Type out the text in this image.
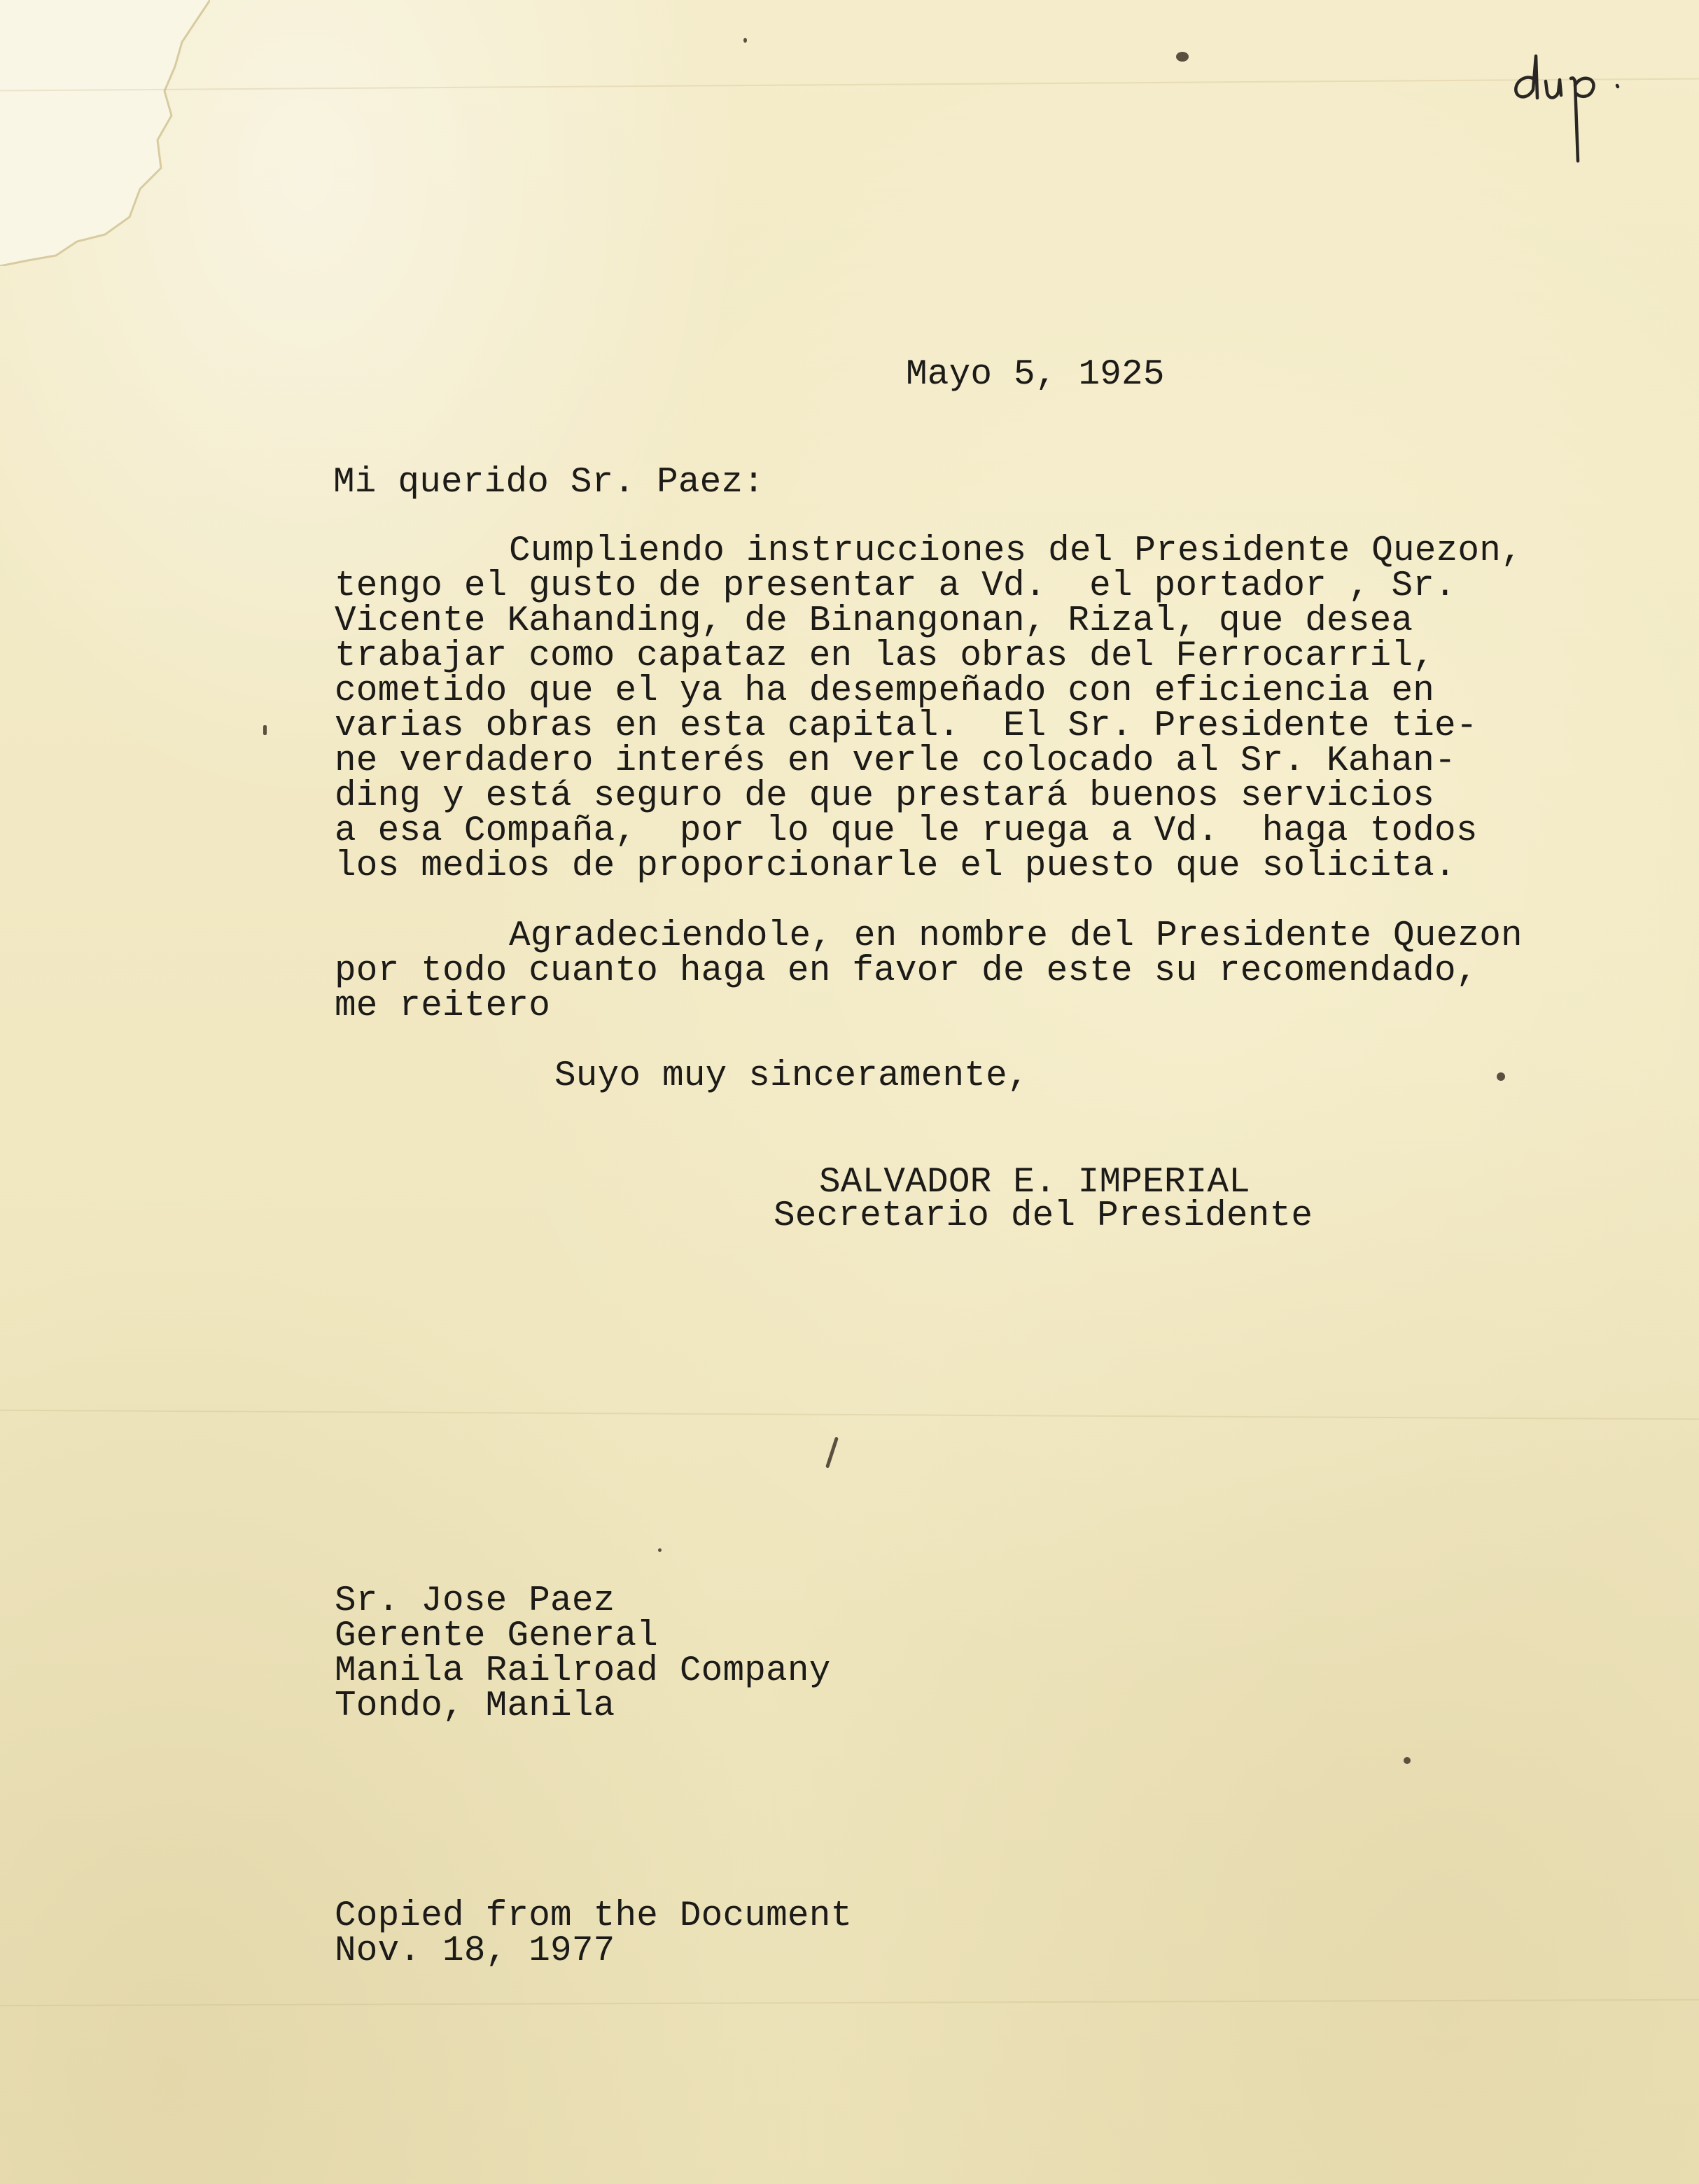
Mayo 5, 1925
Mi querido Sr. Paez:
Cumpliendo instrucciones del Presidente Quezon,
tengo el gusto de presentar a Vd.  el portador , Sr.
Vicente Kahanding, de Binangonan, Rizal, que desea
trabajar como capataz en las obras del Ferrocarril,
cometido que el ya ha desempeñado con eficiencia en
varias obras en esta capital.  El Sr. Presidente tie-
ne verdadero interés en verle colocado al Sr. Kahan-
ding y está seguro de que prestará buenos servicios
a esa Compaña,  por lo que le ruega a Vd.  haga todos
los medios de proporcionarle el puesto que solicita.
Agradeciendole, en nombre del Presidente Quezon
por todo cuanto haga en favor de este su recomendado,
me reitero
Suyo muy sinceramente,
SALVADOR E. IMPERIAL
Secretario del Presidente
Sr. Jose Paez
Gerente General
Manila Railroad Company
Tondo, Manila
Copied from the Document
Nov. 18, 1977
